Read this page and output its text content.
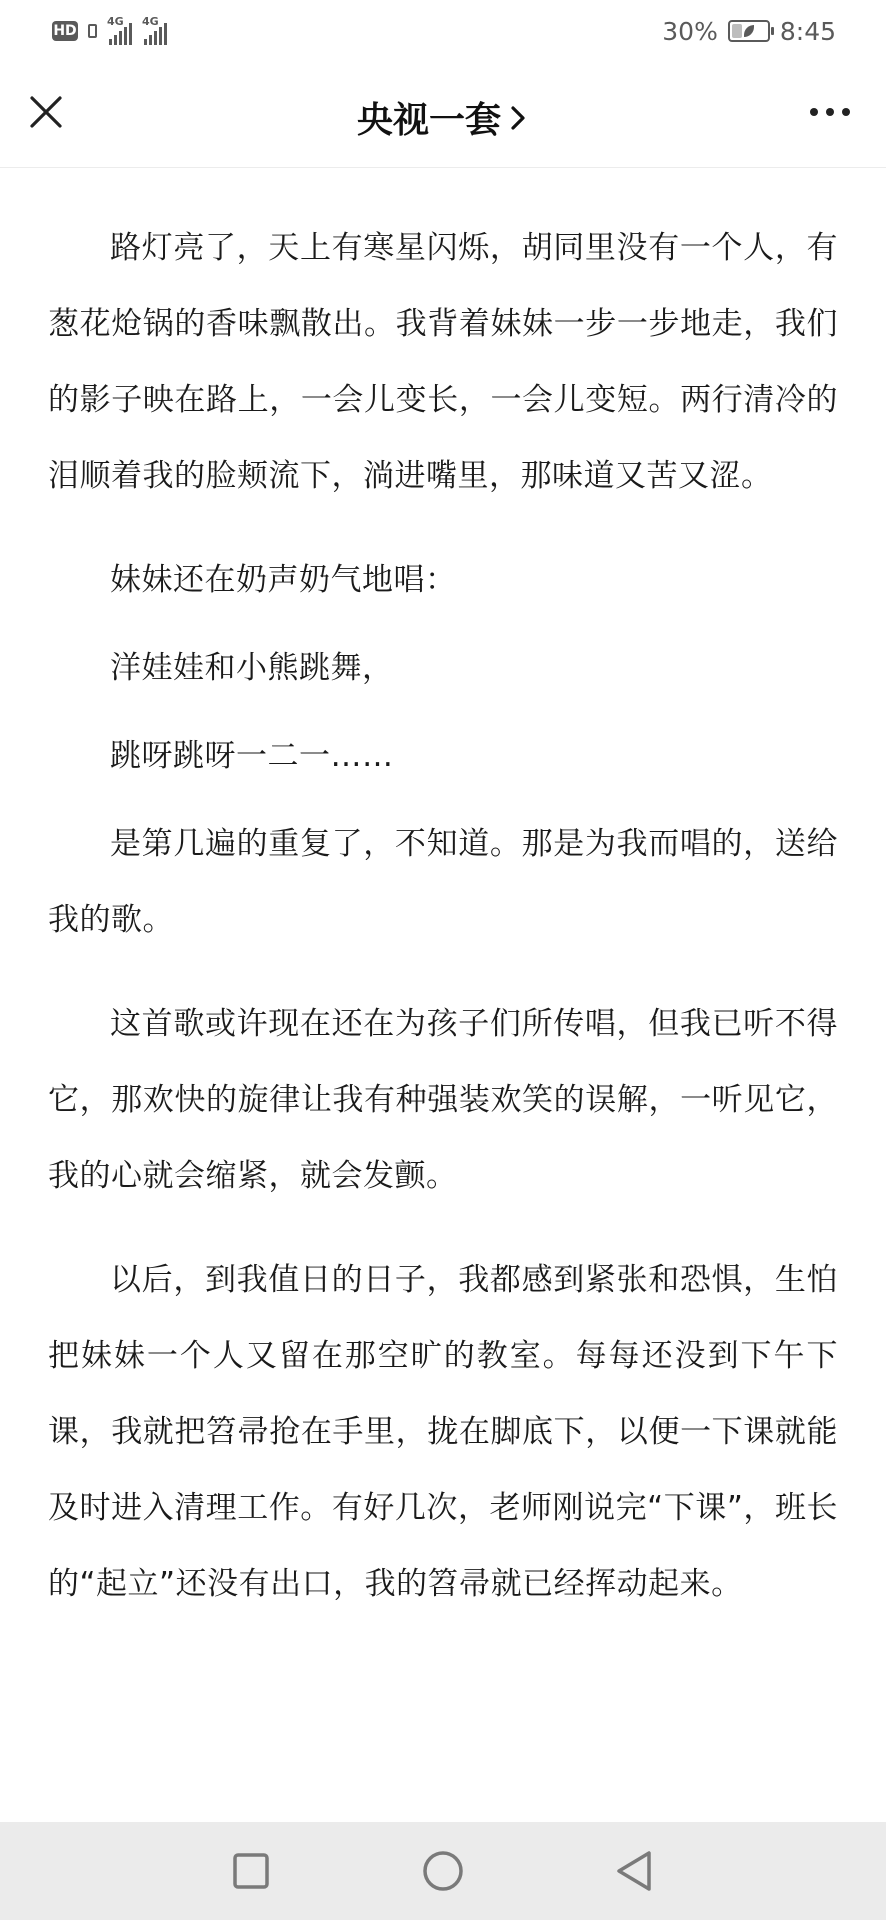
HD
4G 4G	30% 8:45
央视一套

路灯亮了，天上有寒星闪烁，胡同里没有一个人，有葱花炝锅的香味飘散出。我背着妹妹一步一步地走，我们的影子映在路上，一会儿变长，一会儿变短。两行清冷的泪顺着我的脸颊流下，淌进嘴里，那味道又苦又涩。

妹妹还在奶声奶气地唱：

洋娃娃和小熊跳舞，

跳呀跳呀一二一……

是第几遍的重复了，不知道。那是为我而唱的，送给我的歌。

这首歌或许现在还在为孩子们所传唱，但我已听不得它，那欢快的旋律让我有种强装欢笑的误解，一听见它，我的心就会缩紧，就会发颤。

以后，到我值日的日子，我都感到紧张和恐惧，生怕把妹妹一个人又留在那空旷的教室。每每还没到下午下课，我就把笤帚抢在手里，拢在脚底下，以便一下课就能及时进入清理工作。有好几次，老师刚说完“下课”，班长的“起立”还没有出口，我的笤帚就已经挥动起来。
